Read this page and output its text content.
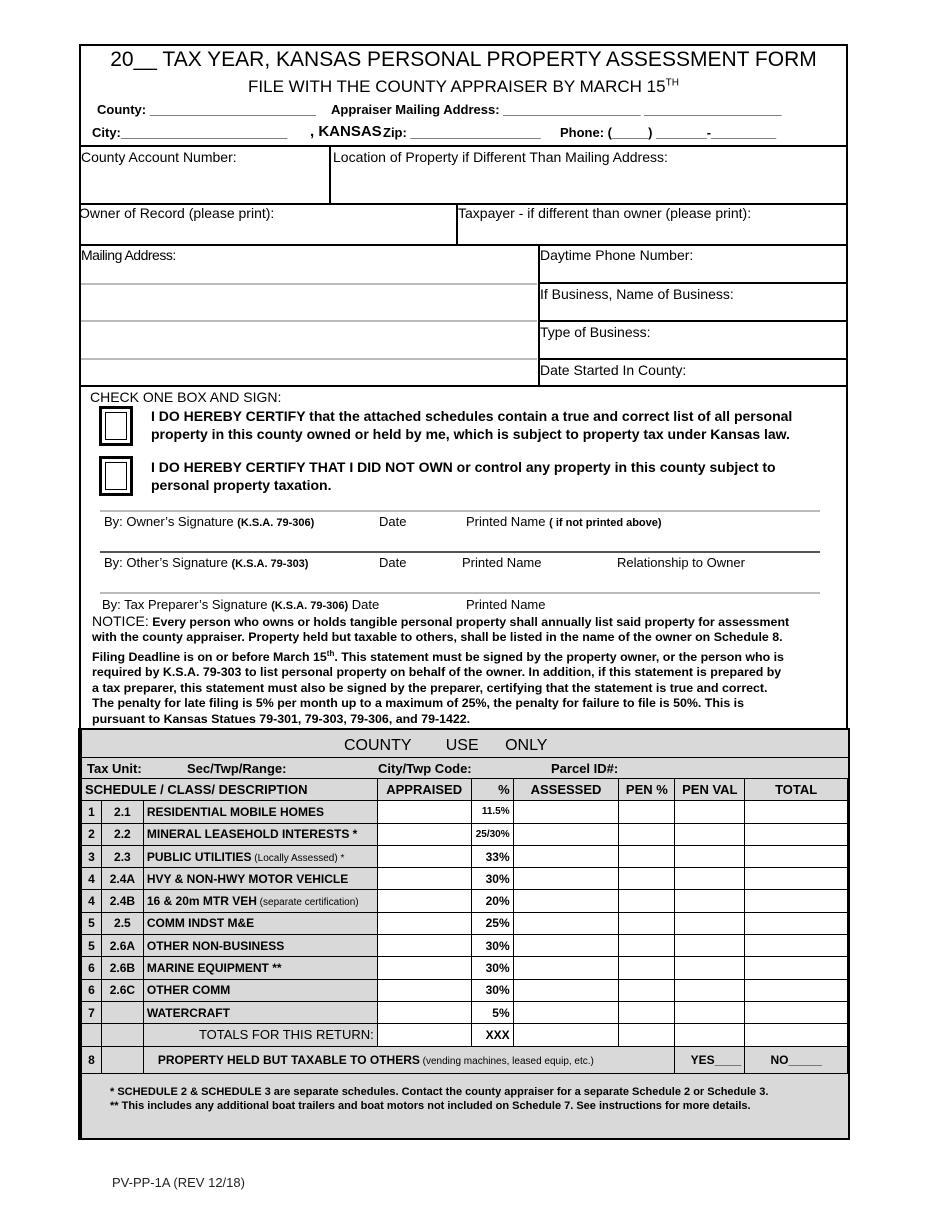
20__ TAX YEAR, KANSAS PERSONAL PROPERTY ASSESSMENT FORM
FILE WITH THE COUNTY APPRAISER BY MARCH 15TH
County: _______________________ Appraiser Mailing Address: ___________________ ___________________
City:_______________________ , KANSAS Zip: __________________ Phone: (_____) _______-_________
County Account Number:	Location of Property if Different Than Mailing Address:
Owner of Record (please print):	Taxpayer - if different than owner (please print):
Mailing Address:	Daytime Phone Number:
If Business, Name of Business:
Type of Business:
Date Started In County:
CHECK ONE BOX AND SIGN:
I DO HEREBY CERTIFY that the attached schedules contain a true and correct list of all personal
property in this county owned or held by me, which is subject to property tax under Kansas law.
I DO HEREBY CERTIFY THAT I DID NOT OWN or control any property in this county subject to
personal property taxation.
By: Owner’s Signature (K.S.A. 79-306)	Date	Printed Name ( if not printed above)
By: Other’s Signature (K.S.A. 79-303)	Date	Printed Name	Relationship to Owner
By: Tax Preparer’s Signature (K.S.A. 79-306) Date	Printed Name
NOTICE: Every person who owns or holds tangible personal property shall annually list said property for assessment
with the county appraiser. Property held but taxable to others, shall be listed in the name of the owner on Schedule 8.
Filing Deadline is on or before March 15th. This statement must be signed by the property owner, or the person who is
required by K.S.A. 79-303 to list personal property on behalf of the owner. In addition, if this statement is prepared by
a tax preparer, this statement must also be signed by the preparer, certifying that the statement is true and correct.
The penalty for late filing is 5% per month up to a maximum of 25%, the penalty for failure to file is 50%. This is
pursuant to Kansas Statues 79-301, 79-303, 79-306, and 79-1422.
COUNTY USE ONLY
Tax Unit:	Sec/Twp/Range:	City/Twp Code:	Parcel ID#:
SCHEDULE / CLASS/ DESCRIPTION			APPRAISED	%	ASSESSED	PEN %	PEN VAL	TOTAL
1	2.1	RESIDENTIAL MOBILE HOMES		11.5%				
2	2.2	MINERAL LEASEHOLD INTERESTS *		25/30%				
3	2.3	PUBLIC UTILITIES (Locally Assessed) *		33%				
4	2.4A	HVY & NON-HWY MOTOR VEHICLE		30%				
4	2.4B	16 & 20m MTR VEH (separate certification)		20%				
5	2.5	COMM INDST M&E		25%				
5	2.6A	OTHER NON-BUSINESS		30%				
6	2.6B	MARINE EQUIPMENT **		30%				
6	2.6C	OTHER COMM		30%				
7		WATERCRAFT		5%				
		TOTALS FOR THIS RETURN:		XXX				
8		PROPERTY HELD BUT TAXABLE TO OTHERS (vending machines, leased equip, etc.)					YES____	NO_____
* SCHEDULE 2 & SCHEDULE 3 are separate schedules. Contact the county appraiser for a separate Schedule 2 or Schedule 3.
** This includes any additional boat trailers and boat motors not included on Schedule 7. See instructions for more details.
PV-PP-1A (REV 12/18)
